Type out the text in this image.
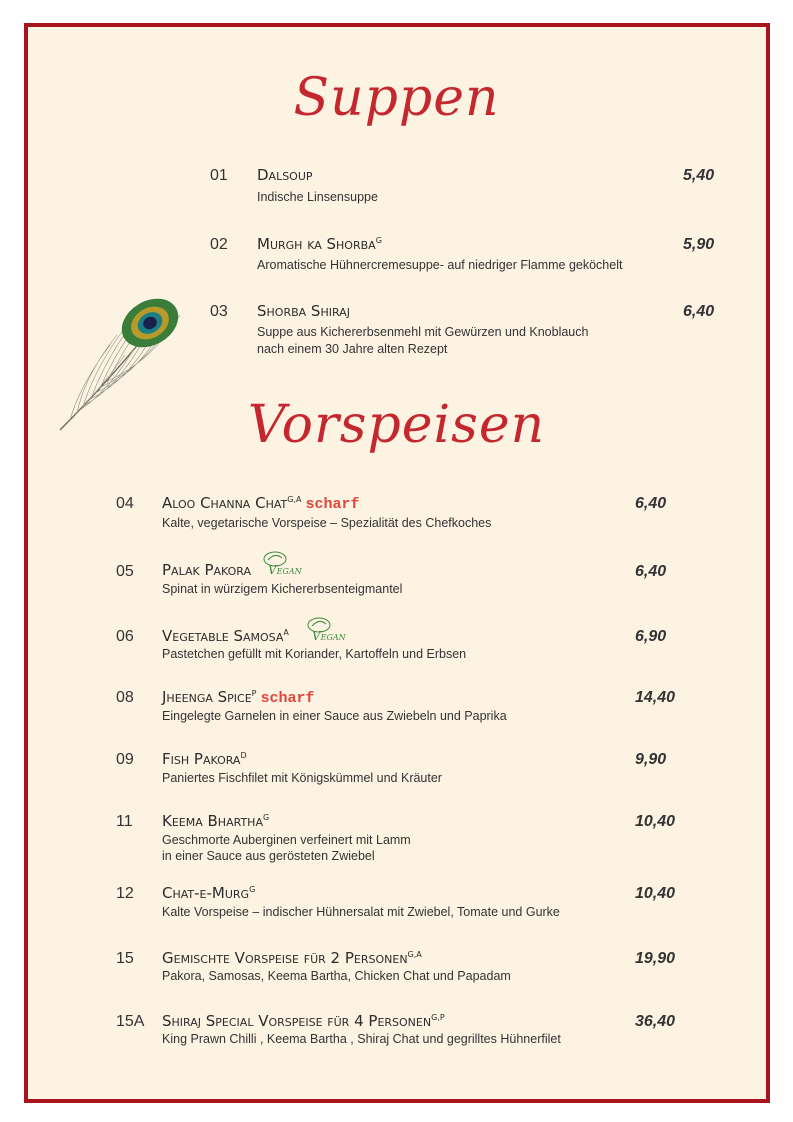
Suppen
Vorspeisen
01 Dalsoup
Indische Linsensuppe
5,40
02 Murgh ka Shorba$^G$
Aromatische Hühnercremesuppe- auf niedriger Flamme geköchelt
5,90
03 Shorba Shiraj
Suppe aus Kichererbsenmehl mit Gewürzen und Knoblauch
nach einem 30 Jahre alten Rezept
6,40
04 Aloo Channa Chat$^{G,A}$ scharf
Kalte, vegetarische Vorspeise – Spezialität des Chefkoches
6,40
05 Palak Pakora Vegan
Spinat in würzigem Kichererbsenteigmantel
6,40
06 Vegetable Samosa$^A$ Vegan
Pastetchen gefüllt mit Koriander, Kartoffeln und Erbsen
6,90
08 Jheenga Spice$^P$ scharf
Eingelegte Garnelen in einer Sauce aus Zwiebeln und Paprika
14,40
09 Fish Pakora$^D$
Paniertes Fischfilet mit Königskümmel und Kräuter
9,90
11 Keema Bhartha$^G$
Geschmorte Auberginen verfeinert mit Lamm
in einer Sauce aus gerösteten Zwiebel
10,40
12 Chat-e-Murg$^G$
Kalte Vorspeise – indischer Hühnersalat mit Zwiebel, Tomate und Gurke
10,40
15 Gemischte Vorspeise für 2 Personen$^{G,A}$
Pakora, Samosas, Keema Bartha, Chicken Chat und Papadam
19,90
15A Shiraj Special Vorspeise für 4 Personen$^{G,P}$
King Prawn Chilli , Keema Bartha , Shiraj Chat und gegrilltes Hühnerfilet
36,40
